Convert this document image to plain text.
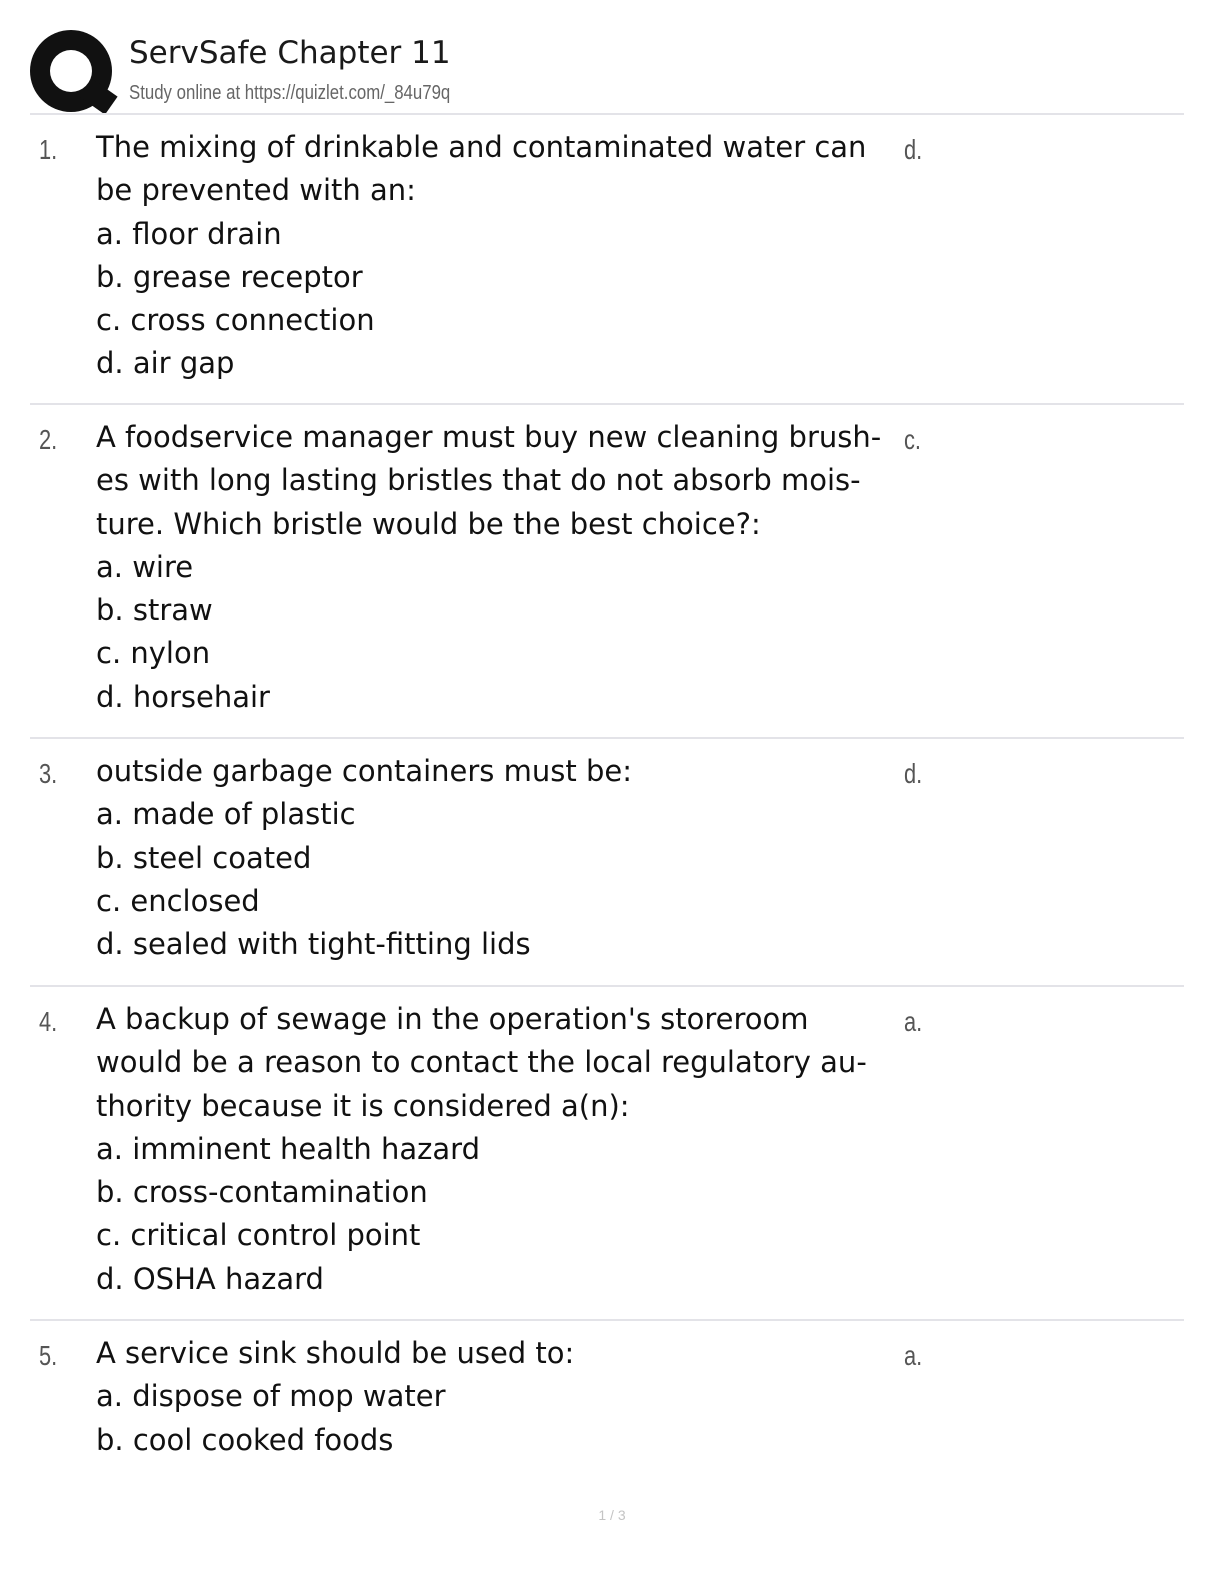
ServSafe Chapter 11
Study online at https://quizlet.com/_84u79q
1. The mixing of drinkable and contaminated water can
be prevented with an:
a. floor drain
b. grease receptor
c. cross connection
d. air gap
d.
2. A foodservice manager must buy new cleaning brush-
es with long lasting bristles that do not absorb mois-
ture. Which bristle would be the best choice?:
a. wire
b. straw
c. nylon
d. horsehair
c.
3. outside garbage containers must be:
a. made of plastic
b. steel coated
c. enclosed
d. sealed with tight-fitting lids
d.
4. A backup of sewage in the operation's storeroom
would be a reason to contact the local regulatory au-
thority because it is considered a(n):
a. imminent health hazard
b. cross-contamination
c. critical control point
d. OSHA hazard
a.
5. A service sink should be used to:
a. dispose of mop water
b. cool cooked foods
a.
1 / 3
